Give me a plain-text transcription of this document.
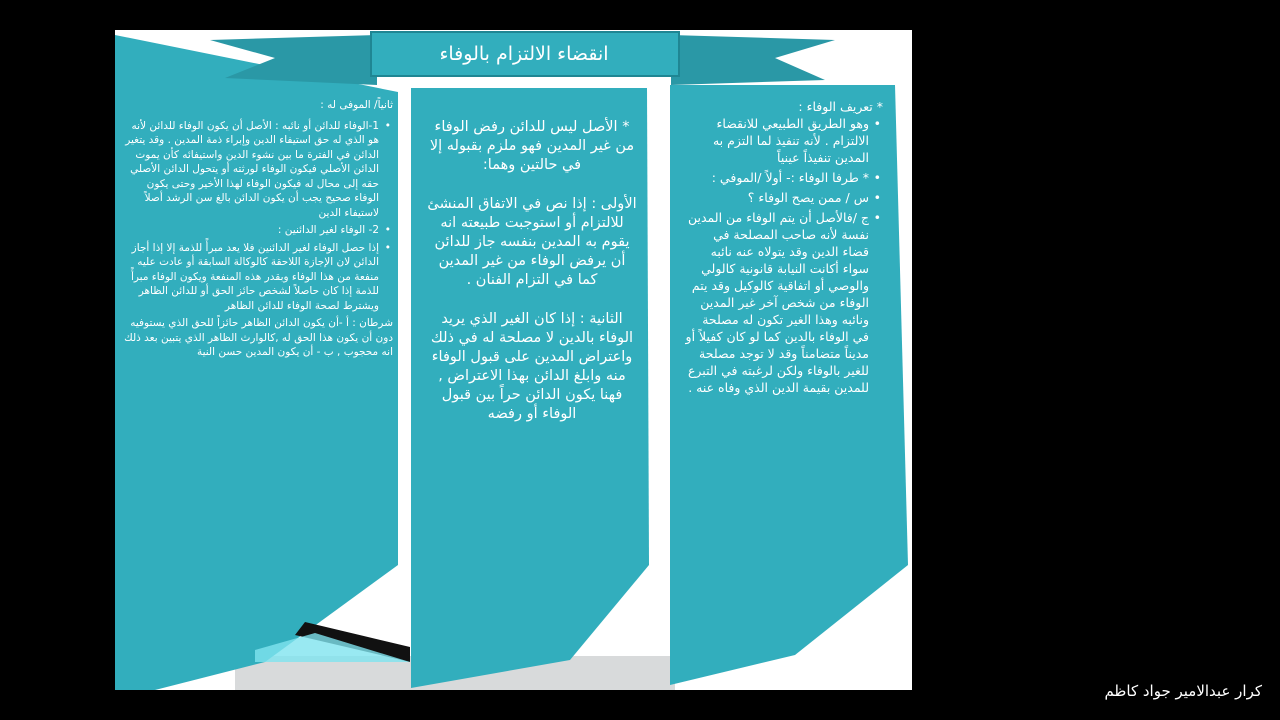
انقضاء الالتزام بالوفاء

* تعريف الوفاء :

• وهو الطريق الطبيعي للانقضاء الالتزام . لأنه تنفيذ لما التزم به المدين تنفيذاً عينياً

• * طرفا الوفاء :- أولاً /الموفي :

• س / ممن يصح الوفاء ؟

• ج /فالأصل أن يتم الوفاء من المدين نفسة لأنه صاحب المصلحة في قضاء الدين وقد يتولاه عنه نائبه سواء أكانت النيابة قانونية كالولي والوصي أو اتفاقية كالوكيل وقد يتم الوفاء من شخص آخر غير المدين ونائبه وهذا الغير تكون له مصلحة في الوفاء بالدين كما لو كان كفيلاً أو مديناً متضامناً وقد لا توجد مصلحة للغير بالوفاء ولكن لرغبته في التبرع للمدين بقيمة الدين الذي وفاه عنه .

* الأصل ليس للدائن رفض الوفاء من غير المدين فهو ملزم بقبوله إلا في حالتين وهما:

الأولى : إذا نص في الاتفاق المنشئ للالتزام أو استوجبت طبيعته انه يقوم به المدين بنفسه جاز للدائن أن يرفض الوفاء من غير المدين كما في التزام الفنان .

الثانية : إذا كان الغير الذي يريد الوفاء بالدين لا مصلحة له في ذلك واعتراض المدين على قبول الوفاء منه وابلغ الدائن بهذا الاعتراض , فهنا يكون الدائن حراً بين قبول الوفاء أو رفضه

ثانياً/ الموفى له :

• 1-الوفاء للدائن أو نائبه : الأصل أن يكون الوفاء للدائن لأنه هو الذي له حق استيفاء الدين وإبراء ذمة المدين . وقد يتغير الدائن في الفترة ما بين نشوء الدين واستيفائه كأن يموت الدائن الأصلي فيكون الوفاء لورثته أو يتحول الدائن الأصلي حقه إلى محال له فيكون الوفاء لهذا الأخير وحتى يكون الوفاء صحيح يجب أن يكون الدائن بالغ سن الرشد أصلاً لاستيفاء الدين

• 2- الوفاء لغير الدائنين :

• إذا حصل الوفاء لغير الدائنين فلا يعد مبرأً للذمة إلا إذا أجاز الدائن لان الإجازة اللاحقة كالوكالة السابقة أو عادت عليه منفعة من هذا الوفاء وبقدر هذه المنفعة ويكون الوفاء مبرأً للذمة إذا كان حاصلاً لشخص حائز الحق أو للدائن الظاهر ويشترط لصحة الوفاء للدائن الظاهر

شرطان : أ -أن يكون الدائن الظاهر حائزاً للحق الذي يستوفيه دون أن يكون هذا الحق له ,كالوارث الظاهر الذي يتبين بعد ذلك انه محجوب , ب - أن يكون المدين حسن النية

كرار عبدالامير جواد كاظم
